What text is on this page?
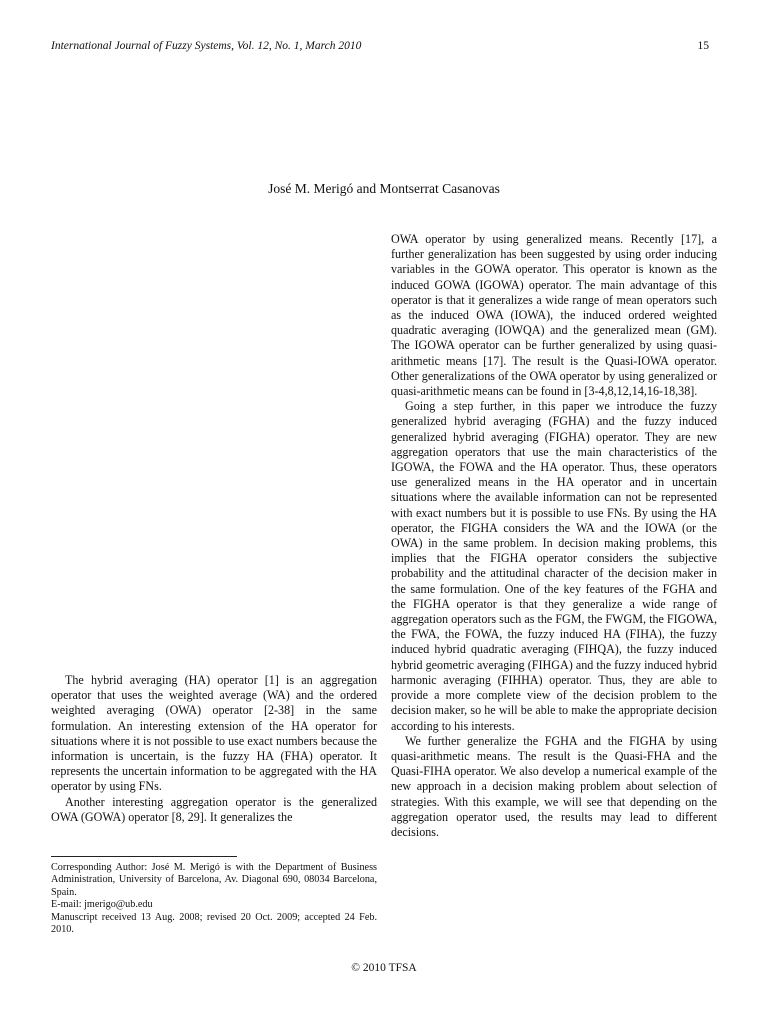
International Journal of Fuzzy Systems, Vol. 12, No. 1, March 2010	15
José M. Merigó and Montserrat Casanovas

The hybrid averaging (HA) operator [1] is an aggregation operator that uses the weighted average (WA) and the ordered weighted averaging (OWA) operator [2-38] in the same formulation. An interesting extension of the HA operator for situations where it is not possible to use exact numbers because the information is uncertain, is the fuzzy HA (FHA) operator. It represents the uncertain information to be aggregated with the HA operator by using FNs.

Another interesting aggregation operator is the generalized OWA (GOWA) operator [8, 29]. It generalizes the

Corresponding Author: José M. Merigó is with the Department of Business Administration, University of Barcelona, Av. Diagonal 690, 08034 Barcelona, Spain.
E-mail: jmerigo@ub.edu
Manuscript received 13 Aug. 2008; revised 20 Oct. 2009; accepted 24 Feb. 2010.

OWA operator by using generalized means. Recently [17], a further generalization has been suggested by using order inducing variables in the GOWA operator. This operator is known as the induced GOWA (IGOWA) operator. The main advantage of this operator is that it generalizes a wide range of mean operators such as the induced OWA (IOWA), the induced ordered weighted quadratic averaging (IOWQA) and the generalized mean (GM). The IGOWA operator can be further generalized by using quasi-arithmetic means [17]. The result is the Quasi-IOWA operator. Other generalizations of the OWA operator by using generalized or quasi-arithmetic means can be found in [3-4,8,12,14,16-18,38].

Going a step further, in this paper we introduce the fuzzy generalized hybrid averaging (FGHA) and the fuzzy induced generalized hybrid averaging (FIGHA) operator. They are new aggregation operators that use the main characteristics of the IGOWA, the FOWA and the HA operator. Thus, these operators use generalized means in the HA operator and in uncertain situations where the available information can not be represented with exact numbers but it is possible to use FNs. By using the HA operator, the FIGHA considers the WA and the IOWA (or the OWA) in the same problem. In decision making problems, this implies that the FIGHA operator considers the subjective probability and the attitudinal character of the decision maker in the same formulation. One of the key features of the FGHA and the FIGHA operator is that they generalize a wide range of aggregation operators such as the FGM, the FWGM, the FIGOWA, the FWA, the FOWA, the fuzzy induced HA (FIHA), the fuzzy induced hybrid quadratic averaging (FIHQA), the fuzzy induced hybrid geometric averaging (FIHGA) and the fuzzy induced hybrid harmonic averaging (FIHHA) operator. Thus, they are able to provide a more complete view of the decision problem to the decision maker, so he will be able to make the appropriate decision according to his interests.

We further generalize the FGHA and the FIGHA by using quasi-arithmetic means. The result is the Quasi-FHA and the Quasi-FIHA operator. We also develop a numerical example of the new approach in a decision making problem about selection of strategies. With this example, we will see that depending on the aggregation operator used, the results may lead to different decisions.

© 2010 TFSA
